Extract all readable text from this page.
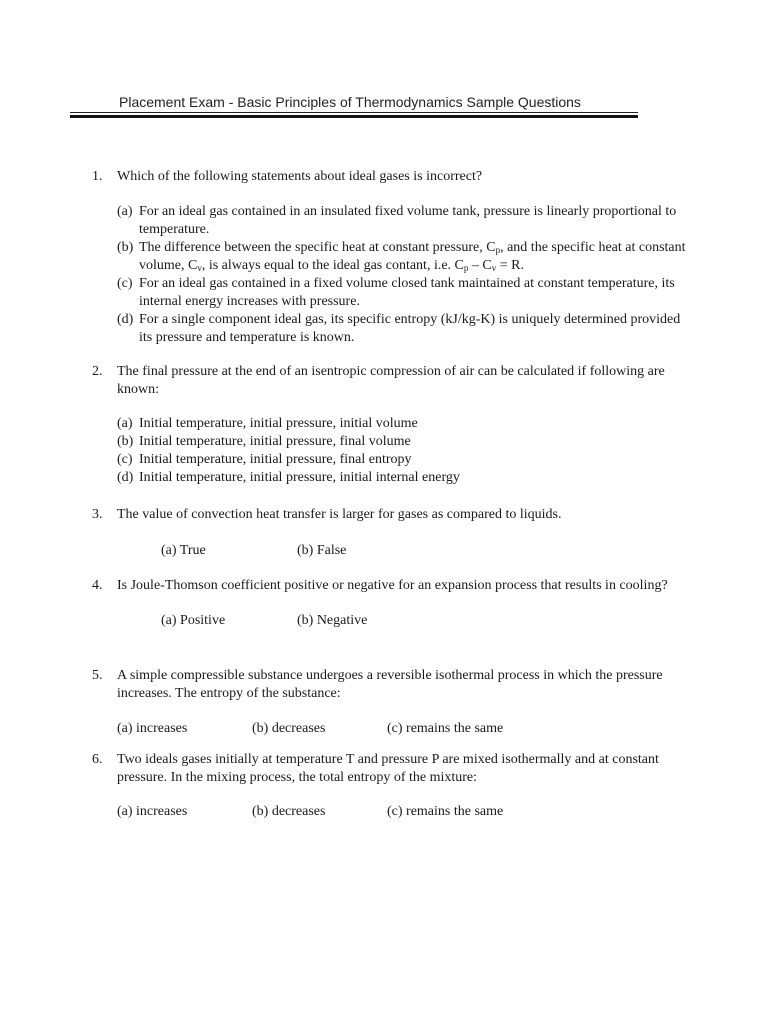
Placement Exam - Basic Principles of Thermodynamics Sample Questions
1.	Which of the following statements about ideal gases is incorrect?
(a) For an ideal gas contained in an insulated fixed volume tank, pressure is linearly proportional to temperature.
(b) The difference between the specific heat at constant pressure, $C_p$, and the specific heat at constant volume, $C_v$, is always equal to the ideal gas contant, i.e. $C_p - C_v = R$.
(c) For an ideal gas contained in a fixed volume closed tank maintained at constant temperature, its internal energy increases with pressure.
(d) For a single component ideal gas, its specific entropy (kJ/kg-K) is uniquely determined provided its pressure and temperature is known.
2.	The final pressure at the end of an isentropic compression of air can be calculated if following are known:
(a) Initial temperature, initial pressure, initial volume
(b) Initial temperature, initial pressure, final volume
(c) Initial temperature, initial pressure, final entropy
(d) Initial temperature, initial pressure, initial internal energy
3.	The value of convection heat transfer is larger for gases as compared to liquids.
(a) True	(b) False
4.	Is Joule-Thomson coefficient positive or negative for an expansion process that results in cooling?
(a) Positive	(b) Negative
5.	A simple compressible substance undergoes a reversible isothermal process in which the pressure increases. The entropy of the substance:
(a) increases	(b) decreases	(c) remains the same
6.	Two ideals gases initially at temperature T and pressure P are mixed isothermally and at constant pressure. In the mixing process, the total entropy of the mixture:
(a) increases	(b) decreases	(c) remains the same
